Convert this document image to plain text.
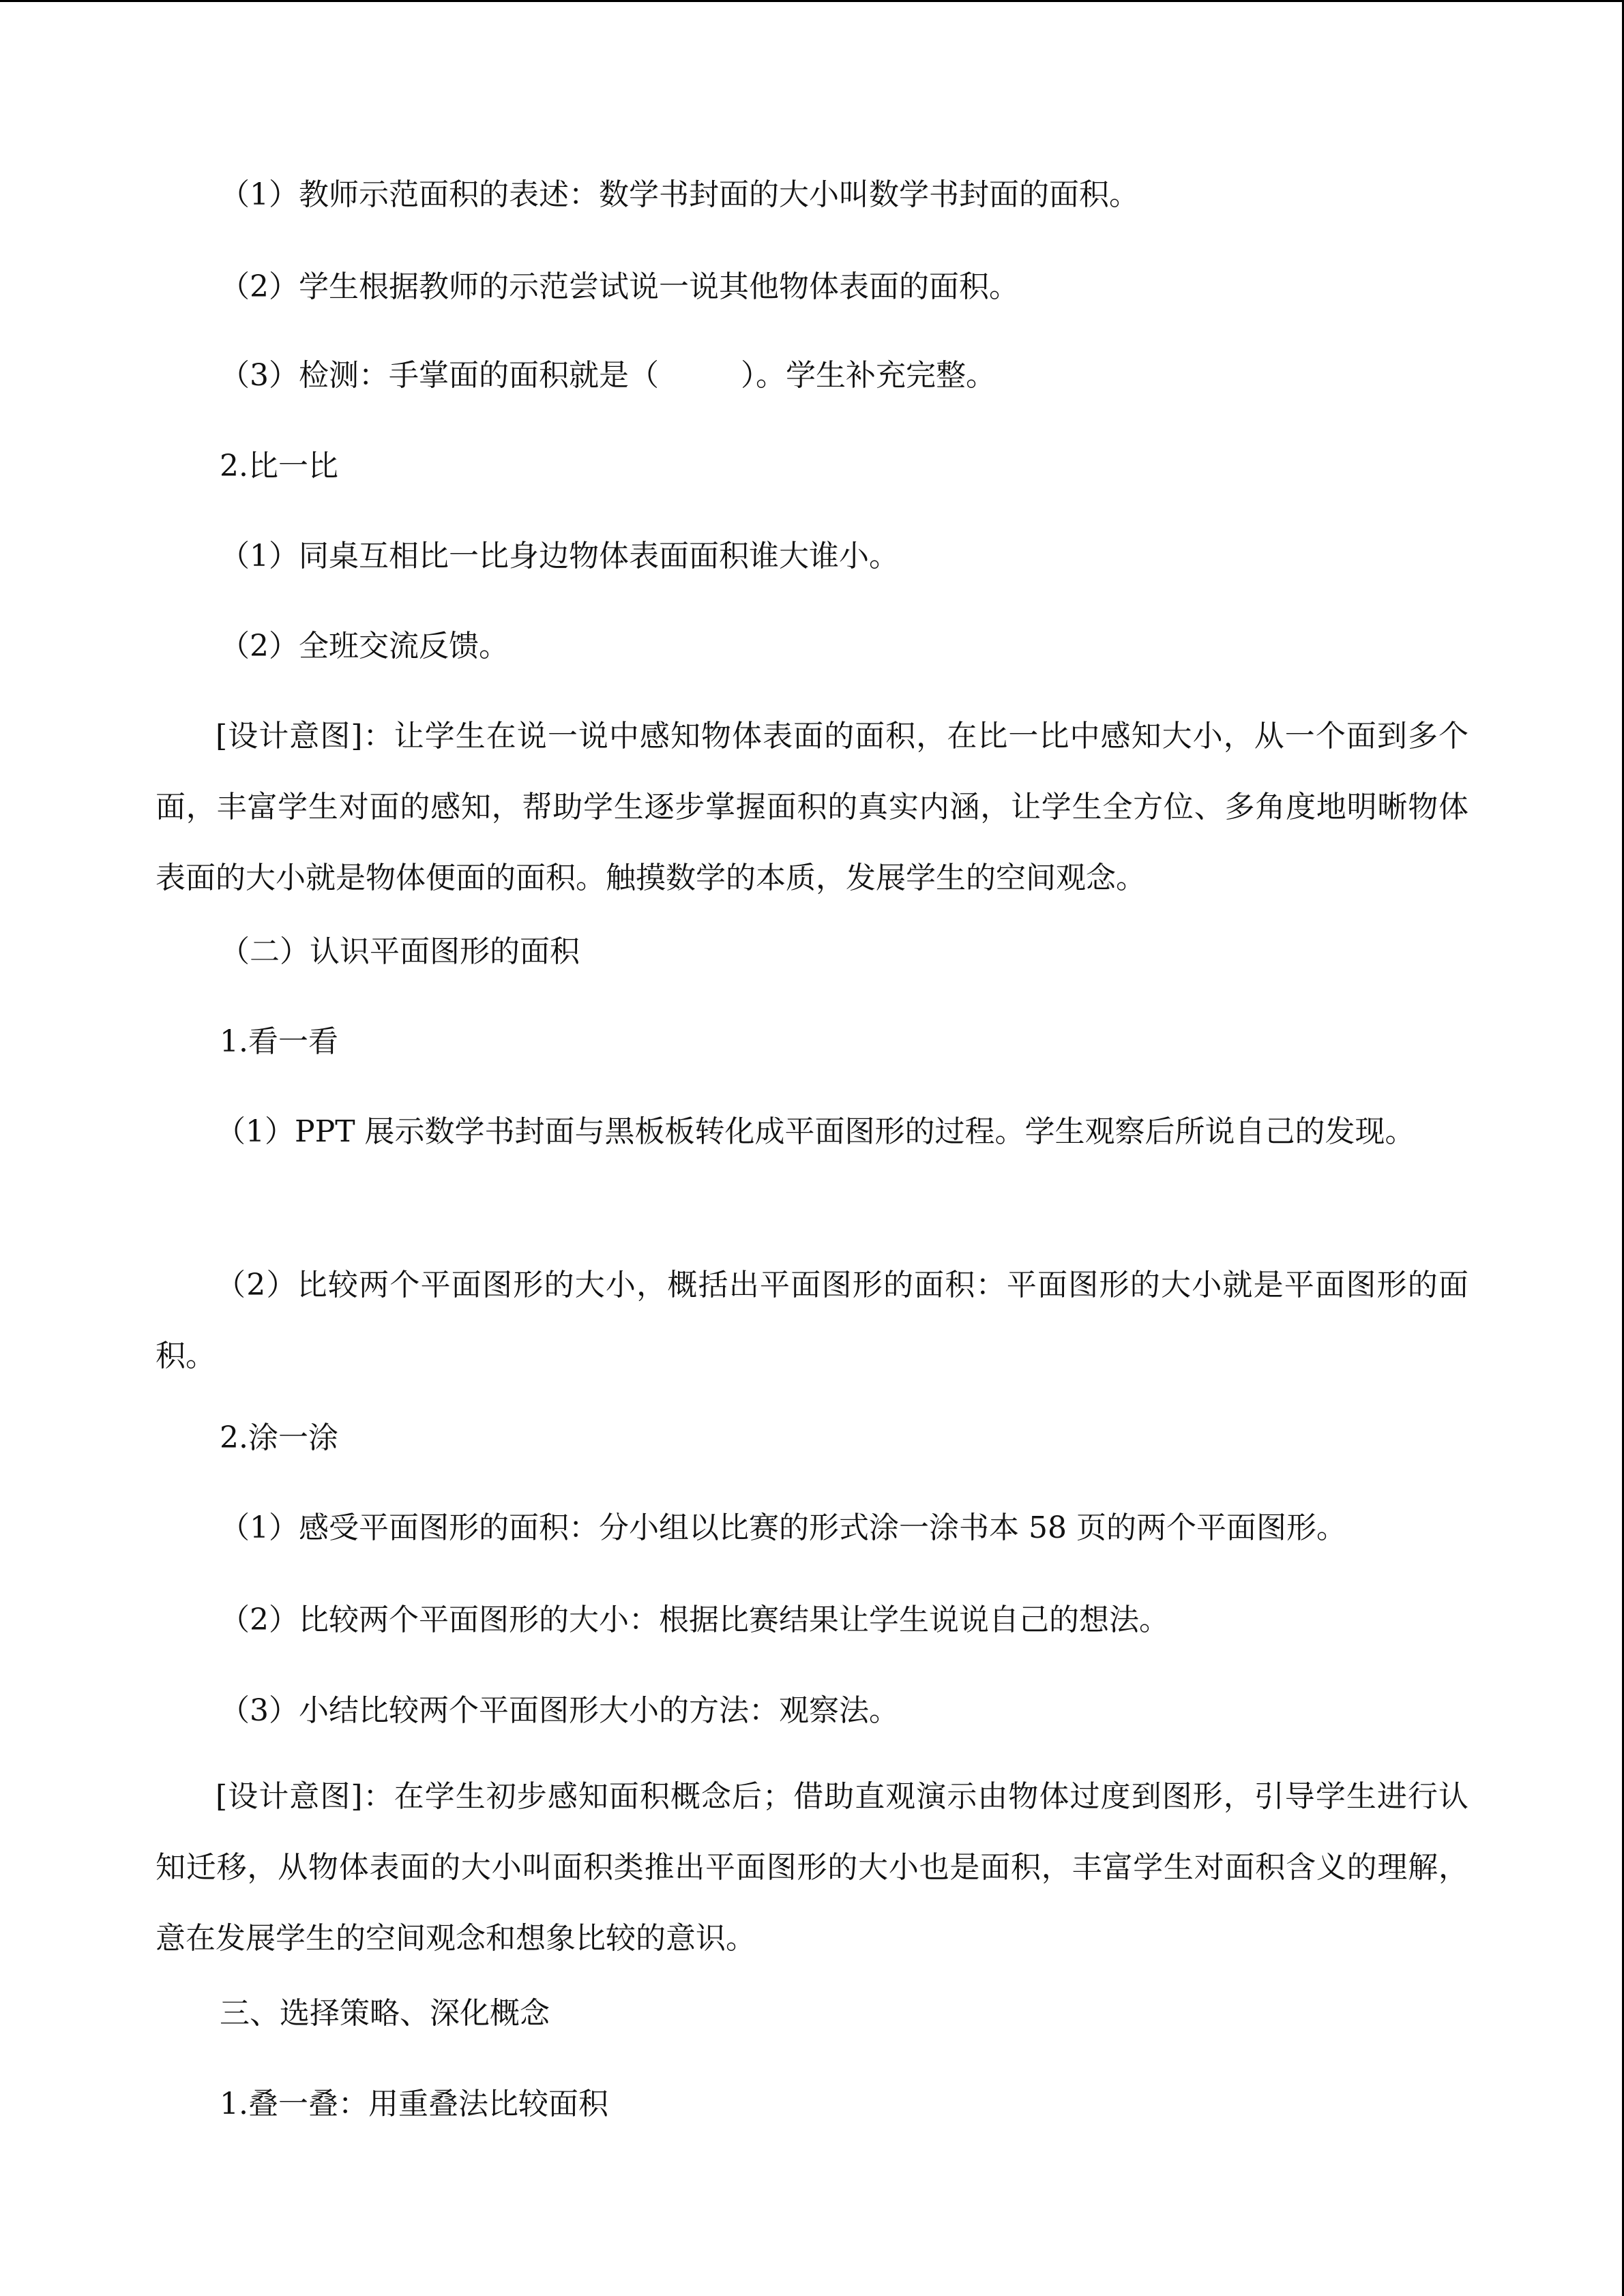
（1）教师示范面积的表述：数学书封面的大小叫数学书封面的面积。
（2）学生根据教师的示范尝试说一说其他物体表面的面积。
（3）检测：手掌面的面积就是（	）。学生补充完整。
2.比一比
（1）同桌互相比一比身边物体表面面积谁大谁小。
（2）全班交流反馈。
[设计意图]：让学生在说一说中感知物体表面的面积，在比一比中感知大小，从一个面到多个面，丰富学生对面的感知，帮助学生逐步掌握面积的真实内涵，让学生全方位、多角度地明晰物体表面的大小就是物体便面的面积。触摸数学的本质，发展学生的空间观念。
（二）认识平面图形的面积
1.看一看
（1）PPT 展示数学书封面与黑板板转化成平面图形的过程。学生观察后所说自己的发现。
（2）比较两个平面图形的大小，概括出平面图形的面积：平面图形的大小就是平面图形的面积。
2.涂一涂
（1）感受平面图形的面积：分小组以比赛的形式涂一涂书本 58 页的两个平面图形。
（2）比较两个平面图形的大小：根据比赛结果让学生说说自己的想法。
（3）小结比较两个平面图形大小的方法：观察法。
[设计意图]：在学生初步感知面积概念后；借助直观演示由物体过度到图形，引导学生进行认知迁移，从物体表面的大小叫面积类推出平面图形的大小也是面积，丰富学生对面积含义的理解，意在发展学生的空间观念和想象比较的意识。
三、选择策略、深化概念
1.叠一叠：用重叠法比较面积
